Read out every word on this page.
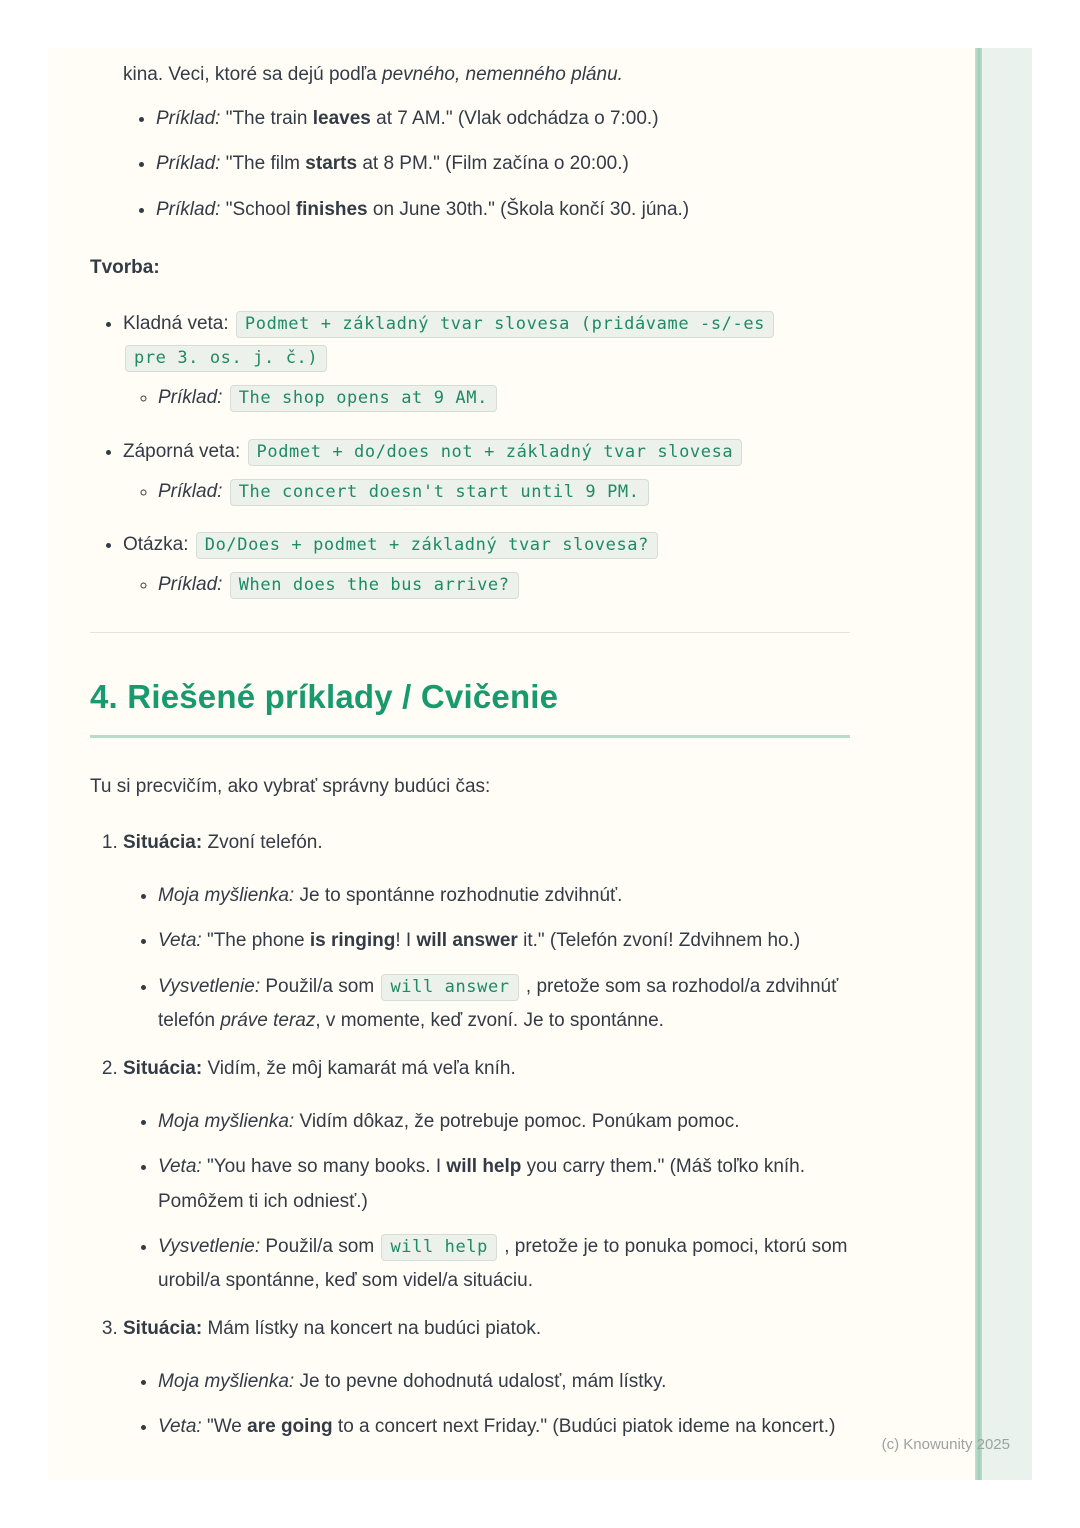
kina. Veci, ktoré sa dejú podľa pevného, nemenného plánu.

• Príklad: "The train leaves at 7 AM." (Vlak odchádza o 7:00.)
• Príklad: "The film starts at 8 PM." (Film začína o 20:00.)
• Príklad: "School finishes on June 30th." (Škola končí 30. júna.)

Tvorba:

• Kladná veta: Podmet + základný tvar slovesa (pridávame -s/-es pre 3. os. j. č.)
◦ Príklad: The shop opens at 9 AM.
• Záporná veta: Podmet + do/does not + základný tvar slovesa
◦ Príklad: The concert doesn't start until 9 PM.
• Otázka: Do/Does + podmet + základný tvar slovesa?
◦ Príklad: When does the bus arrive?
4. Riešené príklady / Cvičenie

Tu si precvičím, ako vybrať správny budúci čas:

1. Situácia: Zvoní telefón.
• Moja myšlienka: Je to spontánne rozhodnutie zdvihnúť.
• Veta: "The phone is ringing! I will answer it." (Telefón zvoní! Zdvihnem ho.)
• Vysvetlenie: Použil/a som will answer , pretože som sa rozhodol/a zdvihnúť telefón práve teraz, v momente, keď zvoní. Je to spontánne.
2. Situácia: Vidím, že môj kamarát má veľa kníh.
• Moja myšlienka: Vidím dôkaz, že potrebuje pomoc. Ponúkam pomoc.
• Veta: "You have so many books. I will help you carry them." (Máš toľko kníh. Pomôžem ti ich odniesť.)
• Vysvetlenie: Použil/a som will help , pretože je to ponuka pomoci, ktorú som urobil/a spontánne, keď som videl/a situáciu.
3. Situácia: Mám lístky na koncert na budúci piatok.
• Moja myšlienka: Je to pevne dohodnutá udalosť, mám lístky.
• Veta: "We are going to a concert next Friday." (Budúci piatok ideme na koncert.)
(c) Knowunity 2025
